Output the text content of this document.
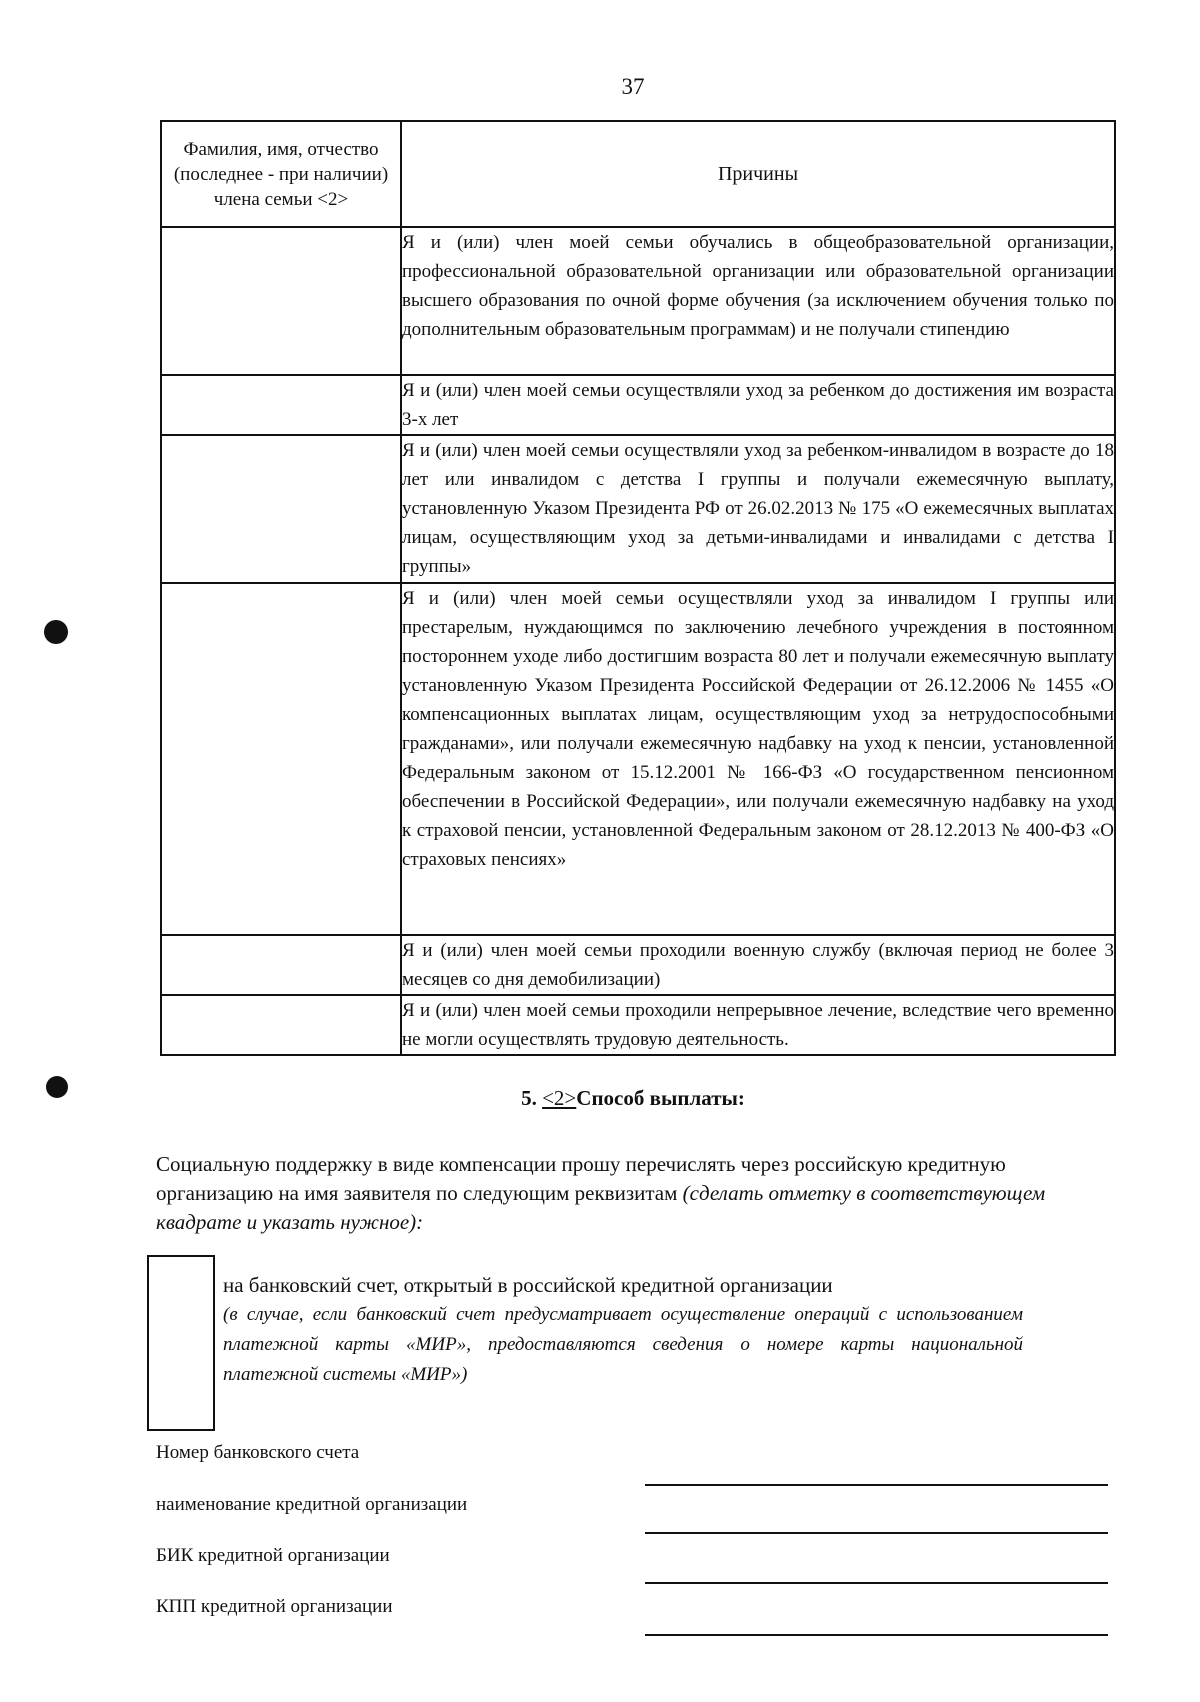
37
Фамилия, имя, отчество (последнее - при наличии) члена семьи <2>	Причины
	Я и (или) член моей семьи обучались в общеобразовательной организации, профессиональной образовательной организации или образовательной организации высшего образования по очной форме обучения (за исключением обучения только по дополнительным образовательным программам) и не получали стипендию
	Я и (или) член моей семьи осуществляли уход за ребенком до достижения им возраста 3-х лет
	Я и (или) член моей семьи осуществляли уход за ребенком-инвалидом в возрасте до 18 лет или инвалидом с детства I группы и получали ежемесячную выплату, установленную Указом Президента РФ от 26.02.2013 № 175 «О ежемесячных выплатах лицам, осуществляющим уход за детьми-инвалидами и инвалидами с детства I группы»
	Я и (или) член моей семьи осуществляли уход за инвалидом I группы или престарелым, нуждающимся по заключению лечебного учреждения в постоянном постороннем уходе либо достигшим возраста 80 лет и получали ежемесячную выплату установленную Указом Президента Российской Федерации от 26.12.2006 № 1455 «О компенсационных выплатах лицам, осуществляющим уход за нетрудоспособными гражданами», или получали ежемесячную надбавку на уход к пенсии, установленной Федеральным законом от 15.12.2001 № 166-ФЗ «О государственном пенсионном обеспечении в Российской Федерации», или получали ежемесячную надбавку на уход к страховой пенсии, установленной Федеральным законом от 28.12.2013 № 400-ФЗ «О страховых пенсиях»
	Я и (или) член моей семьи проходили военную службу (включая период не более 3 месяцев со дня демобилизации)
	Я и (или) член моей семьи проходили непрерывное лечение, вследствие чего временно не могли осуществлять трудовую деятельность.
5. <2>Способ выплаты:
Социальную поддержку в виде компенсации прошу перечислять через российскую кредитную организацию на имя заявителя по следующим реквизитам (сделать отметку в соответствующем квадрате и указать нужное):
на банковский счет, открытый в российской кредитной организации
(в случае, если банковский счет предусматривает осуществление операций с использованием платежной карты «МИР», предоставляются сведения о номере карты национальной платежной системы «МИР»)
Номер банковского счета
наименование кредитной организации
БИК кредитной организации
КПП кредитной организации
